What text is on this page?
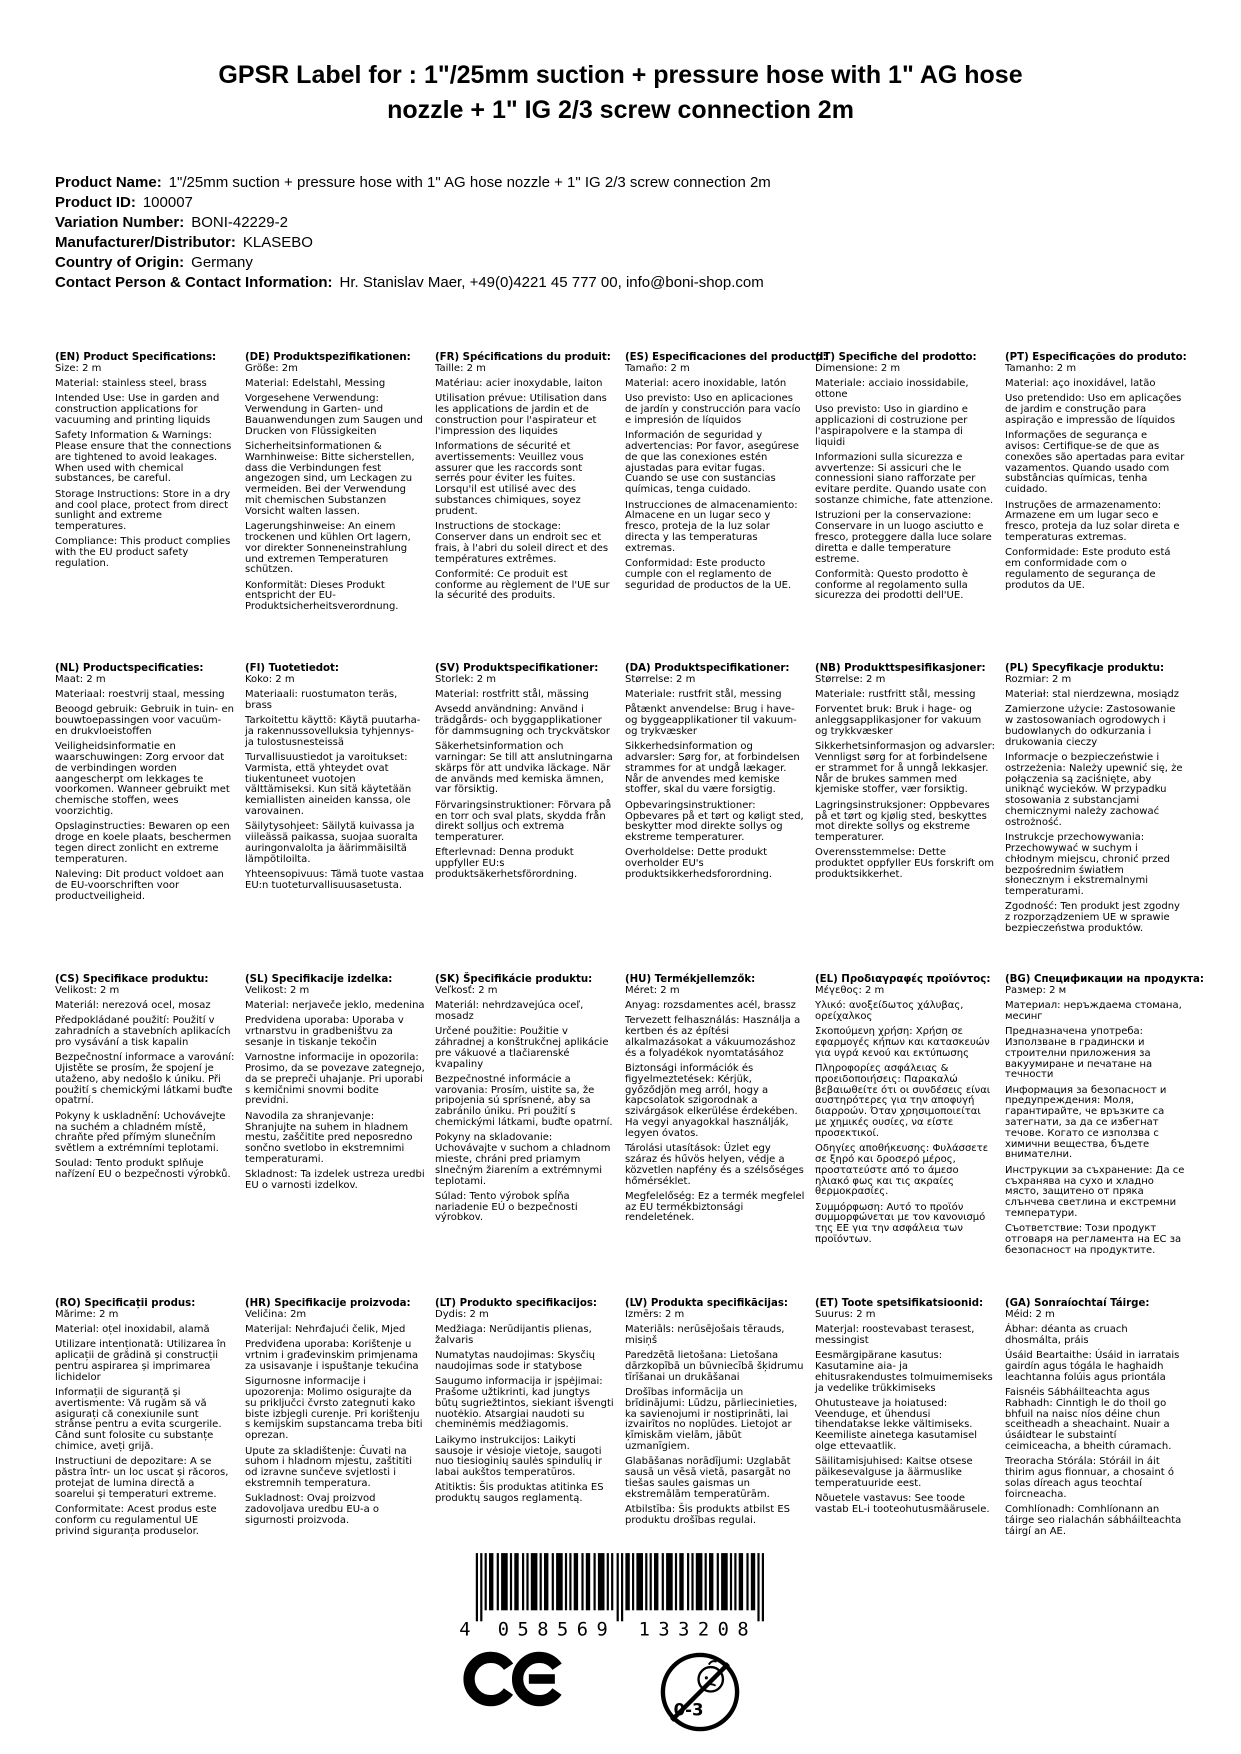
GPSR Label for : 1"/25mm suction + pressure hose with 1" AG hose
nozzle + 1" IG 2/3 screw connection 2m
Product Name: 1"/25mm suction + pressure hose with 1" AG hose nozzle + 1" IG 2/3 screw connection 2m
Product ID: 100007
Variation Number: BONI-42229-2
Manufacturer/Distributor: KLASEBO
Country of Origin: Germany
Contact Person & Contact Information: Hr. Stanislav Maer, +49(0)4221 45 777 00, info@boni-shop.com
(EN) Product Specifications:

Size: 2 m

Material: stainless steel, brass

Intended Use: Use in garden and construction applications for vacuuming and printing liquids

Safety Information & Warnings: Please ensure that the connections are tightened to avoid leakages. When used with chemical substances, be careful.

Storage Instructions: Store in a dry and cool place, protect from direct sunlight and extreme temperatures.

Compliance: This product complies with the EU product safety regulation.

(DE) Produktspezifikationen:

Größe: 2m

Material: Edelstahl, Messing

Vorgesehene Verwendung: Verwendung in Garten- und Bauanwendungen zum Saugen und Drucken von Flüssigkeiten

Sicherheitsinformationen & Warnhinweise: Bitte sicherstellen, dass die Verbindungen fest angezogen sind, um Leckagen zu vermeiden. Bei der Verwendung mit chemischen Substanzen Vorsicht walten lassen.

Lagerungshinweise: An einem trockenen und kühlen Ort lagern, vor direkter Sonneneinstrahlung und extremen Temperaturen schützen.

Konformität: Dieses Produkt entspricht der EU-Produktsicherheitsverordnung.

(FR) Spécifications du produit:

Taille: 2 m

Matériau: acier inoxydable, laiton

Utilisation prévue: Utilisation dans les applications de jardin et de construction pour l'aspirateur et l'impression des liquides

Informations de sécurité et avertissements: Veuillez vous assurer que les raccords sont serrés pour éviter les fuites. Lorsqu'il est utilisé avec des substances chimiques, soyez prudent.

Instructions de stockage: Conserver dans un endroit sec et frais, à l'abri du soleil direct et des températures extrêmes.

Conformité: Ce produit est conforme au règlement de l'UE sur la sécurité des produits.

(ES) Especificaciones del producto:

Tamaño: 2 m

Material: acero inoxidable, latón

Uso previsto: Uso en aplicaciones de jardín y construcción para vacío e impresión de líquidos

Información de seguridad y advertencias: Por favor, asegúrese de que las conexiones estén ajustadas para evitar fugas. Cuando se use con sustancias químicas, tenga cuidado.

Instrucciones de almacenamiento: Almacene en un lugar seco y fresco, proteja de la luz solar directa y las temperaturas extremas.

Conformidad: Este producto cumple con el reglamento de seguridad de productos de la UE.

(IT) Specifiche del prodotto:

Dimensione: 2 m

Materiale: acciaio inossidabile, ottone

Uso previsto: Uso in giardino e applicazioni di costruzione per l'aspirapolvere e la stampa di liquidi

Informazioni sulla sicurezza e avvertenze: Si assicuri che le connessioni siano rafforzate per evitare perdite. Quando usate con sostanze chimiche, fate attenzione.

Istruzioni per la conservazione: Conservare in un luogo asciutto e fresco, proteggere dalla luce solare diretta e dalle temperature estreme.

Conformità: Questo prodotto è conforme al regolamento sulla sicurezza dei prodotti dell'UE.

(PT) Especificações do produto:

Tamanho: 2 m

Material: aço inoxidável, latão

Uso pretendido: Uso em aplicações de jardim e construção para aspiração e impressão de líquidos

Informações de segurança e avisos: Certifique-se de que as conexões são apertadas para evitar vazamentos. Quando usado com substâncias químicas, tenha cuidado.

Instruções de armazenamento: Armazene em um lugar seco e fresco, proteja da luz solar direta e temperaturas extremas.

Conformidade: Este produto está em conformidade com o regulamento de segurança de produtos da UE.

(NL) Productspecificaties:

Maat: 2 m

Materiaal: roestvrij staal, messing

Beoogd gebruik: Gebruik in tuin- en bouwtoepassingen voor vacuüm- en drukvloeistoffen

Veiligheidsinformatie en waarschuwingen: Zorg ervoor dat de verbindingen worden aangescherpt om lekkages te voorkomen. Wanneer gebruikt met chemische stoffen, wees voorzichtig.

Opslaginstructies: Bewaren op een droge en koele plaats, beschermen tegen direct zonlicht en extreme temperaturen.

Naleving: Dit product voldoet aan de EU-voorschriften voor productveiligheid.

(FI) Tuotetiedot:

Koko: 2 m

Materiaali: ruostumaton teräs, brass

Tarkoitettu käyttö: Käytä puutarha- ja rakennussovelluksia tyhjennys- ja tulostusnesteissä

Turvallisuustiedot ja varoitukset: Varmista, että yhteydet ovat tiukentuneet vuotojen välttämiseksi. Kun sitä käytetään kemiallisten aineiden kanssa, ole varovainen.

Säilytysohjeet: Säilytä kuivassa ja viileässä paikassa, suojaa suoralta auringonvalolta ja äärimmäisiltä lämpötiloilta.

Yhteensopivuus: Tämä tuote vastaa EU:n tuoteturvallisuusasetusta.

(SV) Produktspecifikationer:

Storlek: 2 m

Material: rostfritt stål, mässing

Avsedd användning: Använd i trädgårds- och byggapplikationer för dammsugning och tryckvätskor

Säkerhetsinformation och varningar: Se till att anslutningarna skärps för att undvika läckage. När de används med kemiska ämnen, var försiktig.

Förvaringsinstruktioner: Förvara på en torr och sval plats, skydda från direkt solljus och extrema temperaturer.

Efterlevnad: Denna produkt uppfyller EU:s produktsäkerhetsförordning.

(DA) Produktspecifikationer:

Størrelse: 2 m

Materiale: rustfrit stål, messing

Påtænkt anvendelse: Brug i have- og byggeapplikationer til vakuum- og trykvæsker

Sikkerhedsinformation og advarsler: Sørg for, at forbindelsen strammes for at undgå lækager. Når de anvendes med kemiske stoffer, skal du være forsigtig.

Opbevaringsinstruktioner: Opbevares på et tørt og køligt sted, beskytter mod direkte sollys og ekstreme temperaturer.

Overholdelse: Dette produkt overholder EU's produktsikkerhedsforordning.

(NB) Produkttspesifikasjoner:

Størrelse: 2 m

Materiale: rustfritt stål, messing

Forventet bruk: Bruk i hage- og anleggsapplikasjoner for vakuum og trykkvæsker

Sikkerhetsinformasjon og advarsler: Vennligst sørg for at forbindelsene er strammet for å unngå lekkasjer. Når de brukes sammen med kjemiske stoffer, vær forsiktig.

Lagringsinstruksjoner: Oppbevares på et tørt og kjølig sted, beskyttes mot direkte sollys og ekstreme temperaturer.

Overensstemmelse: Dette produktet oppfyller EUs forskrift om produktsikkerhet.

(PL) Specyfikacje produktu:

Rozmiar: 2 m

Materiał: stal nierdzewna, mosiądz

Zamierzone użycie: Zastosowanie w zastosowaniach ogrodowych i budowlanych do odkurzania i drukowania cieczy

Informacje o bezpieczeństwie i ostrzeżenia: Należy upewnić się, że połączenia są zaciśnięte, aby uniknąć wycieków. W przypadku stosowania z substancjami chemicznymi należy zachować ostrożność.

Instrukcje przechowywania: Przechowywać w suchym i chłodnym miejscu, chronić przed bezpośrednim światłem słonecznym i ekstremalnymi temperaturami.

Zgodność: Ten produkt jest zgodny z rozporządzeniem UE w sprawie bezpieczeństwa produktów.

(CS) Specifikace produktu:

Velikost: 2 m

Materiál: nerezová ocel, mosaz

Předpokládané použití: Použití v zahradních a stavebních aplikacích pro vysávání a tisk kapalin

Bezpečnostní informace a varování: Ujistěte se prosím, že spojení je utaženo, aby nedošlo k úniku. Při použití s chemickými látkami buďte opatrní.

Pokyny k uskladnění: Uchovávejte na suchém a chladném místě, chraňte před přímým slunečním světlem a extrémními teplotami.

Soulad: Tento produkt splňuje nařízení EU o bezpečnosti výrobků.

(SL) Specifikacije izdelka:

Velikost: 2 m

Material: nerjaveče jeklo, medenina

Predvidena uporaba: Uporaba v vrtnarstvu in gradbeništvu za sesanje in tiskanje tekočin

Varnostne informacije in opozorila: Prosimo, da se povezave zategnejo, da se prepreči uhajanje. Pri uporabi s kemičnimi snovmi bodite previdni.

Navodila za shranjevanje: Shranjujte na suhem in hladnem mestu, zaščitite pred neposredno sončno svetlobo in ekstremnimi temperaturami.

Skladnost: Ta izdelek ustreza uredbi EU o varnosti izdelkov.

(SK) Špecifikácie produktu:

Veľkosť: 2 m

Materiál: nehrdzavejúca oceľ, mosadz

Určené použitie: Použitie v záhradnej a konštrukčnej aplikácie pre vákuové a tlačiarenské kvapaliny

Bezpečnostné informácie a varovania: Prosím, uistite sa, že pripojenia sú sprísnené, aby sa zabránilo úniku. Pri použití s chemickými látkami, buďte opatrní.

Pokyny na skladovanie: Uchovávajte v suchom a chladnom mieste, chráni pred priamym slnečným žiarením a extrémnymi teplotami.

Súlad: Tento výrobok spĺňa nariadenie EÚ o bezpečnosti výrobkov.

(HU) Termékjellemzők:

Méret: 2 m

Anyag: rozsdamentes acél, brassz

Tervezett felhasználás: Használja a kertben és az építési alkalmazásokat a vákuumozáshoz és a folyadékok nyomtatásához

Biztonsági információk és figyelmeztetések: Kérjük, győződjön meg arról, hogy a kapcsolatok szigorodnak a szivárgások elkerülése érdekében. Ha vegyi anyagokkal használják, legyen óvatos.

Tárolási utasítások: Üzlet egy száraz és hűvös helyen, védje a közvetlen napfény és a szélsőséges hőmérséklet.

Megfelelőség: Ez a termék megfelel az EU termékbiztonsági rendeletének.

(EL) Προδιαγραφές προϊόντος:

Μέγεθος: 2 m

Υλικό: ανοξείδωτος χάλυβας, ορείχαλκος

Σκοπούμενη χρήση: Χρήση σε εφαρμογές κήπων και κατασκευών για υγρά κενού και εκτύπωσης

Πληροφορίες ασφάλειας & προειδοποιήσεις: Παρακαλώ βεβαιωθείτε ότι οι συνδέσεις είναι αυστηρότερες για την αποφυγή διαρροών. Όταν χρησιμοποιείται με χημικές ουσίες, να είστε προσεκτικοί.

Οδηγίες αποθήκευσης: Φυλάσσετε σε ξηρό και δροσερό μέρος, προστατεύστε από το άμεσο ηλιακό φως και τις ακραίες θερμοκρασίες.

Συμμόρφωση: Αυτό το προϊόν συμμορφώνεται με τον κανονισμό της ΕΕ για την ασφάλεια των προϊόντων.

(BG) Спецификации на продукта:

Размер: 2 м

Материал: неръждаема стомана, месинг

Предназначена употреба: Използване в градински и строителни приложения за вакуумиране и печатане на течности

Информация за безопасност и предупреждения: Моля, гарантирайте, че връзките са затегнати, за да се избегнат течове. Когато се използва с химични вещества, бъдете внимателни.

Инструкции за съхранение: Да се съхранява на сухо и хладно място, защитено от пряка слънчева светлина и екстремни температури.

Съответствие: Този продукт отговаря на регламента на ЕС за безопасност на продуктите.

(RO) Specificații produs:

Mărime: 2 m

Material: oțel inoxidabil, alamă

Utilizare intenționată: Utilizarea în aplicații de grădină și construcții pentru aspirarea și imprimarea lichidelor

Informații de siguranță și avertismente: Vă rugăm să vă asigurați că conexiunile sunt strânse pentru a evita scurgerile. Când sunt folosite cu substanțe chimice, aveți grijă.

Instructiuni de depozitare: A se păstra într- un loc uscat și răcoros, protejat de lumina directă a soarelui și temperaturi extreme.

Conformitate: Acest produs este conform cu regulamentul UE privind siguranța produselor.

(HR) Specifikacije proizvoda:

Veličina: 2m

Materijal: Nehrđajući čelik, Mjed

Predviđena uporaba: Korištenje u vrtnim i građevinskim primjenama za usisavanje i ispuštanje tekućina

Sigurnosne informacije i upozorenja: Molimo osigurajte da su priključci čvrsto zategnuti kako biste izbjegli curenje. Pri korištenju s kemijskim supstancama treba biti oprezan.

Upute za skladištenje: Čuvati na suhom i hladnom mjestu, zaštititi od izravne sunčeve svjetlosti i ekstremnih temperatura.

Sukladnost: Ovaj proizvod zadovoljava uredbu EU-a o sigurnosti proizvoda.

(LT) Produkto specifikacijos:

Dydis: 2 m

Medžiaga: Nerūdijantis plienas, žalvaris

Numatytas naudojimas: Skysčių naudojimas sode ir statybose

Saugumo informacija ir įspėjimai: Prašome užtikrinti, kad jungtys būtų sugriežtintos, siekiant išvengti nuotėkio. Atsargiai naudoti su cheminėmis medžiagomis.

Laikymo instrukcijos: Laikyti sausoje ir vėsioje vietoje, saugoti nuo tiesioginių saulės spindulių ir labai aukštos temperatūros.

Atitiktis: Šis produktas atitinka ES produktų saugos reglamentą.

(LV) Produkta specifikācijas:

Izmērs: 2 m

Materiāls: nerūsējošais tērauds, misiņš

Paredzētā lietošana: Lietošana dārzkopībā un būvniecībā šķidrumu tīrīšanai un drukāšanai

Drošības informācija un brīdinājumi: Lūdzu, pārliecinieties, ka savienojumi ir nostiprināti, lai izvairītos no noplūdes. Lietojot ar ķīmiskām vielām, jābūt uzmanīgiem.

Glabāšanas norādījumi: Uzglabāt sausā un vēsā vietā, pasargāt no tiešas saules gaismas un ekstremālām temperatūrām.

Atbilstība: Šis produkts atbilst ES produktu drošības regulai.

(ET) Toote spetsifikatsioonid:

Suurus: 2 m

Materjal: roostevabast terasest, messingist

Eesmärgipärane kasutus: Kasutamine aia- ja ehitusrakendustes tolmuimemiseks ja vedelike trükkimiseks

Ohutusteave ja hoiatused: Veenduge, et ühendusi tihendatakse lekke vältimiseks. Keemiliste ainetega kasutamisel olge ettevaatlik.

Säilitamisjuhised: Kaitse otsese päikesevalguse ja äärmuslike temperatuuride eest.

Nõuetele vastavus: See toode vastab EL-i tooteohutusmäärusele.

(GA) Sonraíochtaí Táirge:

Méid: 2 m

Ábhar: déanta as cruach dhosmálta, práis

Úsáid Beartaithe: Úsáid in iarratais gairdín agus tógála le haghaidh leachtanna folúis agus priontála

Faisnéis Sábháilteachta agus Rabhadh: Cinntigh le do thoil go bhfuil na naisc níos déine chun sceitheadh a sheachaint. Nuair a úsáidtear le substaintí ceimiceacha, a bheith cúramach.

Treoracha Stórála: Stóráil in áit thirim agus fionnuar, a chosaint ó solas díreach agus teochtaí foircneacha.

Comhlíonadh: Comhlíonann an táirge seo rialachán sábháilteachta táirgí an AE.

4 058569 133208
0-3
